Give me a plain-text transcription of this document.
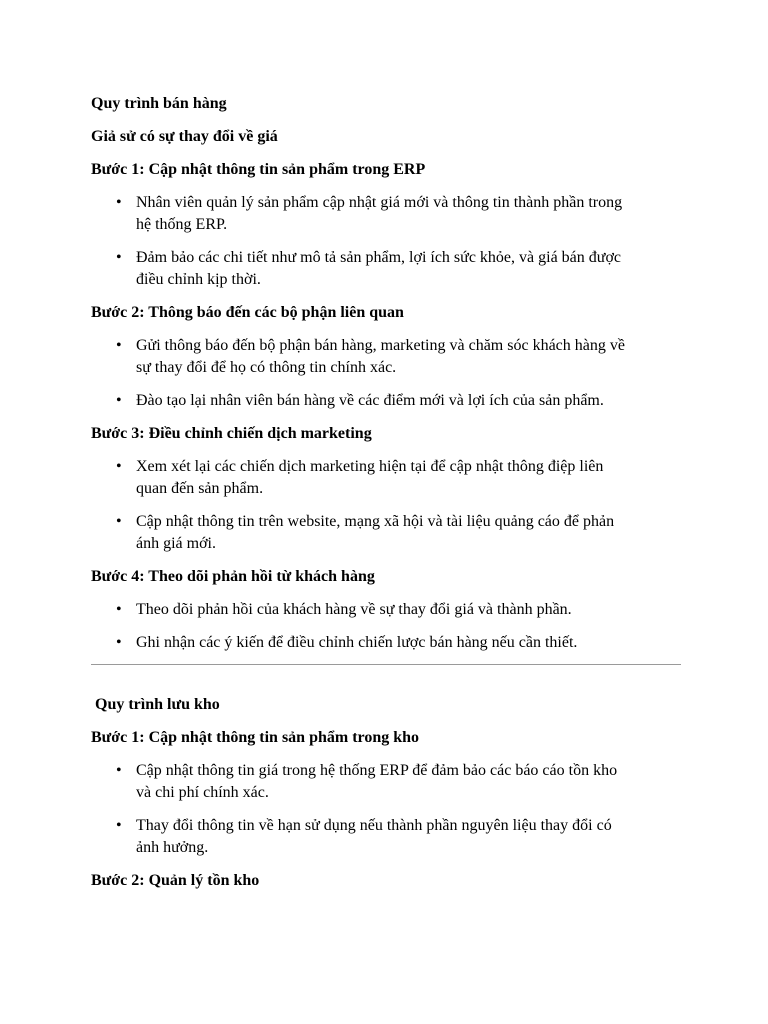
Quy trình bán hàng

Giả sử có sự thay đổi về giá

Bước 1: Cập nhật thông tin sản phẩm trong ERP

• Nhân viên quản lý sản phẩm cập nhật giá mới và thông tin thành phần trong
hệ thống ERP.
• Đảm bảo các chi tiết như mô tả sản phẩm, lợi ích sức khỏe, và giá bán được
điều chỉnh kịp thời.

Bước 2: Thông báo đến các bộ phận liên quan

• Gửi thông báo đến bộ phận bán hàng, marketing và chăm sóc khách hàng về
sự thay đổi để họ có thông tin chính xác.
• Đào tạo lại nhân viên bán hàng về các điểm mới và lợi ích của sản phẩm.

Bước 3: Điều chỉnh chiến dịch marketing

• Xem xét lại các chiến dịch marketing hiện tại để cập nhật thông điệp liên
quan đến sản phẩm.
• Cập nhật thông tin trên website, mạng xã hội và tài liệu quảng cáo để phản
ánh giá mới.

Bước 4: Theo dõi phản hồi từ khách hàng

• Theo dõi phản hồi của khách hàng về sự thay đổi giá và thành phần.
• Ghi nhận các ý kiến để điều chỉnh chiến lược bán hàng nếu cần thiết.

Quy trình lưu kho

Bước 1: Cập nhật thông tin sản phẩm trong kho

• Cập nhật thông tin giá trong hệ thống ERP để đảm bảo các báo cáo tồn kho
và chi phí chính xác.
• Thay đổi thông tin về hạn sử dụng nếu thành phần nguyên liệu thay đổi có
ảnh hưởng.

Bước 2: Quản lý tồn kho
